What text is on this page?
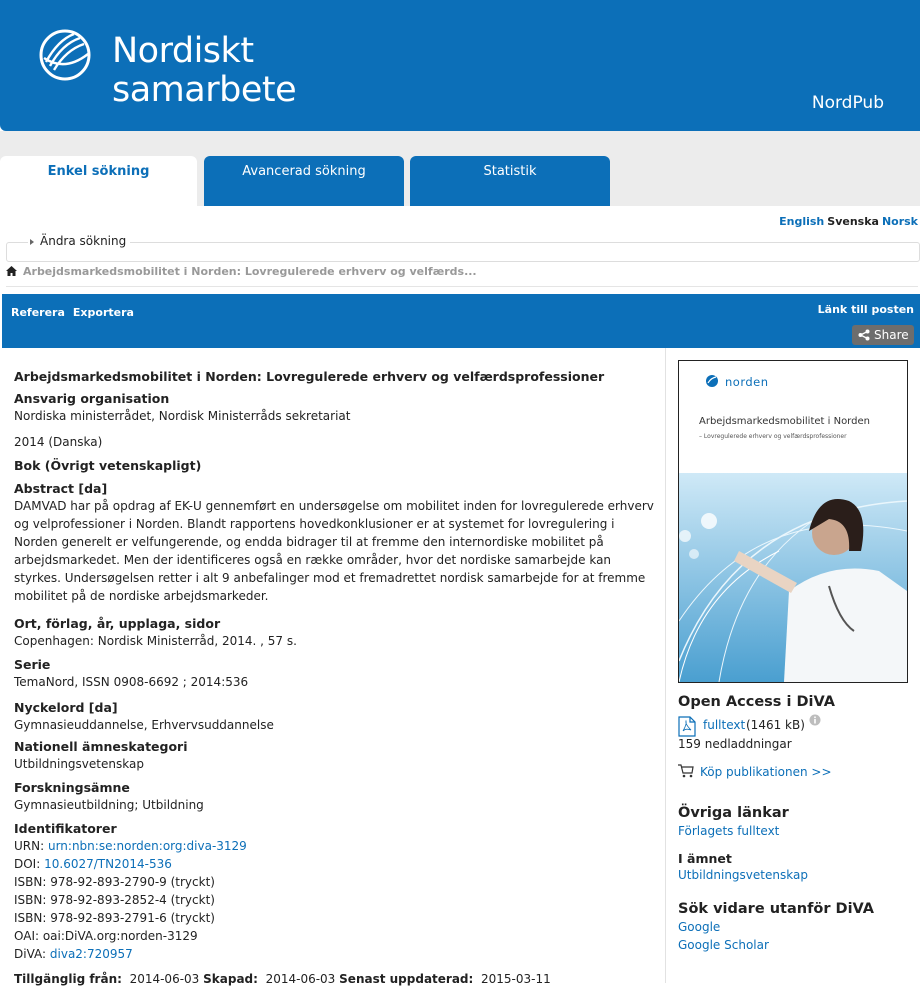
Nordiskt
samarbete	NordPub
Enkel sökning	Avancerad sökning	Statistik
English Svenska Norsk
Ändra sökning
Arbejdsmarkedsmobilitet i Norden: Lovregulerede erhverv og velfærds...
Referera Exportera	Länk till posten
Share
Arbejdsmarkedsmobilitet i Norden: Lovregulerede erhverv og velfærdsprofessioner
Ansvarig organisation
Nordiska ministerrådet, Nordisk Ministerråds sekretariat
2014 (Danska)
Bok (Övrigt vetenskapligt)
Abstract [da]
DAMVAD har på opdrag af EK-U gennemført en undersøgelse om mobilitet inden for lovregulerede erhverv og velprofessioner i Norden. Blandt rapportens hovedkonklusioner er at systemet for lovregulering i Norden generelt er velfungerende, og endda bidrager til at fremme den internordiske mobilitet på arbejdsmarkedet. Men der identificeres også en række områder, hvor det nordiske samarbejde kan styrkes. Undersøgelsen retter i alt 9 anbefalinger mod et fremadrettet nordisk samarbejde for at fremme mobilitet på de nordiske arbejdsmarkeder.
Ort, förlag, år, upplaga, sidor
Copenhagen: Nordisk Ministerråd, 2014. , 57 s.
Serie
TemaNord, ISSN 0908-6692 ; 2014:536
Nyckelord [da]
Gymnasieuddannelse, Erhvervsuddannelse
Nationell ämneskategori
Utbildningsvetenskap
Forskningsämne
Gymnasieutbildning; Utbildning
Identifikatorer
URN: urn:nbn:se:norden:org:diva-3129
DOI: 10.6027/TN2014-536
ISBN: 978-92-893-2790-9 (tryckt)
ISBN: 978-92-893-2852-4 (tryckt)
ISBN: 978-92-893-2791-6 (tryckt)
OAI: oai:DiVA.org:norden-3129
DiVA: diva2:720957
Tillgänglig från: 2014-06-03 Skapad: 2014-06-03 Senast uppdaterad: 2015-03-11
norden
Arbejdsmarkedsmobilitet i Norden
– Lovregulerede erhverv og velfærdsprofessioner
Open Access i DiVA
fulltext (1461 kB)
159 nedladdningar
Köp publikationen >>
Övriga länkar
Förlagets fulltext
I ämnet
Utbildningsvetenskap
Sök vidare utanför DiVA
Google
Google Scholar
